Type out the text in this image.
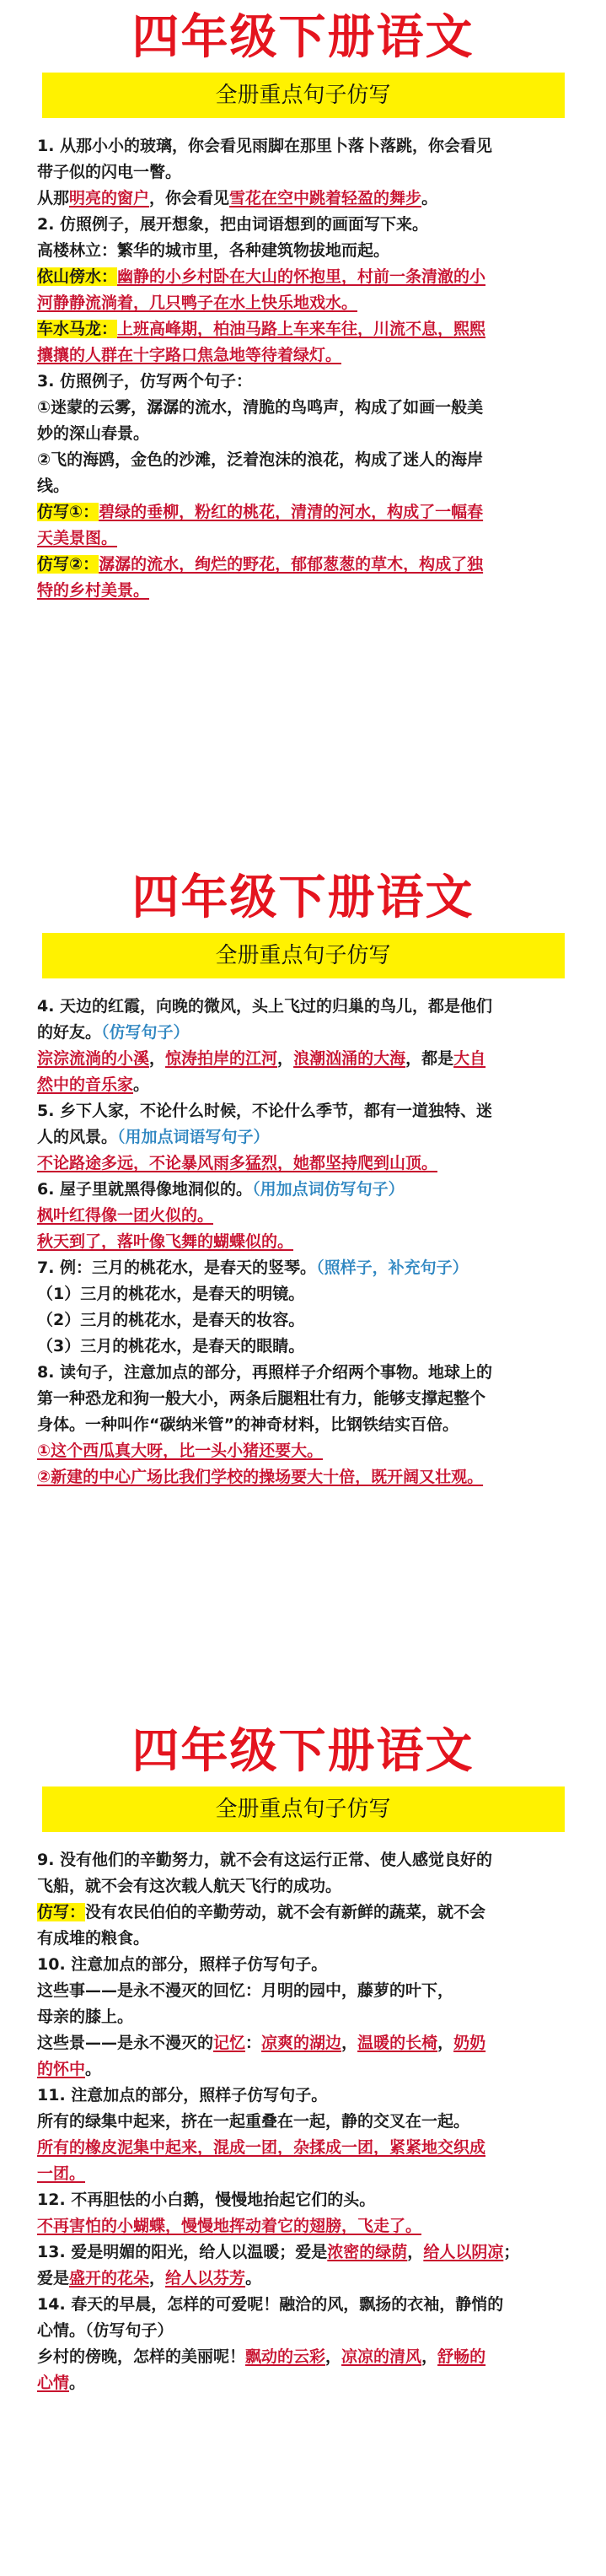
四年级下册语文
全册重点句子仿写
1. 从那小小的玻璃，你会看见雨脚在那里卜落卜落跳，你会看见
带子似的闪电一瞥。
从那明亮的窗户，你会看见雪花在空中跳着轻盈的舞步。
2. 仿照例子，展开想象，把由词语想到的画面写下来。
高楼林立：繁华的城市里，各种建筑物拔地而起。
依山傍水：幽静的小乡村卧在大山的怀抱里，村前一条清澈的小
河静静流淌着，几只鸭子在水上快乐地戏水。
车水马龙：上班高峰期，柏油马路上车来车往，川流不息，熙熙
攘攘的人群在十字路口焦急地等待着绿灯。
3. 仿照例子，仿写两个句子：
①迷蒙的云雾，潺潺的流水，清脆的鸟鸣声，构成了如画一般美
妙的深山春景。
②飞的海鸥，金色的沙滩，泛着泡沫的浪花，构成了迷人的海岸
线。
仿写①：碧绿的垂柳，粉红的桃花，清清的河水，构成了一幅春
天美景图。
仿写②：潺潺的流水，绚烂的野花，郁郁葱葱的草木，构成了独
特的乡村美景。
四年级下册语文
全册重点句子仿写
4. 天边的红霞，向晚的微风，头上飞过的归巢的鸟儿，都是他们
的好友。（仿写句子）
淙淙流淌的小溪，惊涛拍岸的江河，浪潮汹涌的大海，都是大自
然中的音乐家。
5. 乡下人家，不论什么时候，不论什么季节，都有一道独特、迷
人的风景。（用加点词语写句子）
不论路途多远，不论暴风雨多猛烈，她都坚持爬到山顶。
6. 屋子里就黑得像地洞似的。（用加点词仿写句子）
枫叶红得像一团火似的。
秋天到了，落叶像飞舞的蝴蝶似的。
7. 例：三月的桃花水，是春天的竖琴。（照样子，补充句子）
（1）三月的桃花水，是春天的明镜。
（2）三月的桃花水，是春天的妆容。
（3）三月的桃花水，是春天的眼睛。
8. 读句子，注意加点的部分，再照样子介绍两个事物。地球上的
第一种恐龙和狗一般大小，两条后腿粗壮有力，能够支撑起整个
身体。一种叫作“碳纳米管”的神奇材料，比钢铁结实百倍。
①这个西瓜真大呀，比一头小猪还要大。
②新建的中心广场比我们学校的操场要大十倍，既开阔又壮观。
四年级下册语文
全册重点句子仿写
9. 没有他们的辛勤努力，就不会有这运行正常、使人感觉良好的
飞船，就不会有这次载人航天飞行的成功。
仿写：没有农民伯伯的辛勤劳动，就不会有新鲜的蔬菜，就不会
有成堆的粮食。
10. 注意加点的部分，照样子仿写句子。
这些事——是永不漫灭的回忆：月明的园中，藤萝的叶下，
母亲的膝上。
这些景——是永不漫灭的记忆：凉爽的湖边，温暖的长椅，奶奶
的怀中。
11. 注意加点的部分，照样子仿写句子。
所有的绿集中起来，挤在一起重叠在一起，静的交叉在一起。
所有的橡皮泥集中起来，混成一团，杂揉成一团，紧紧地交织成
一团。
12. 不再胆怯的小白鹅，慢慢地抬起它们的头。
不再害怕的小蝴蝶，慢慢地挥动着它的翅膀，飞走了。
13. 爱是明媚的阳光，给人以温暖；爱是浓密的绿荫，给人以阴凉；
爱是盛开的花朵，给人以芬芳。
14. 春天的早晨，怎样的可爱呢！融洽的风，飘扬的衣袖，静悄的
心情。（仿写句子）
乡村的傍晚，怎样的美丽呢！飘动的云彩，凉凉的清风，舒畅的
心情。
